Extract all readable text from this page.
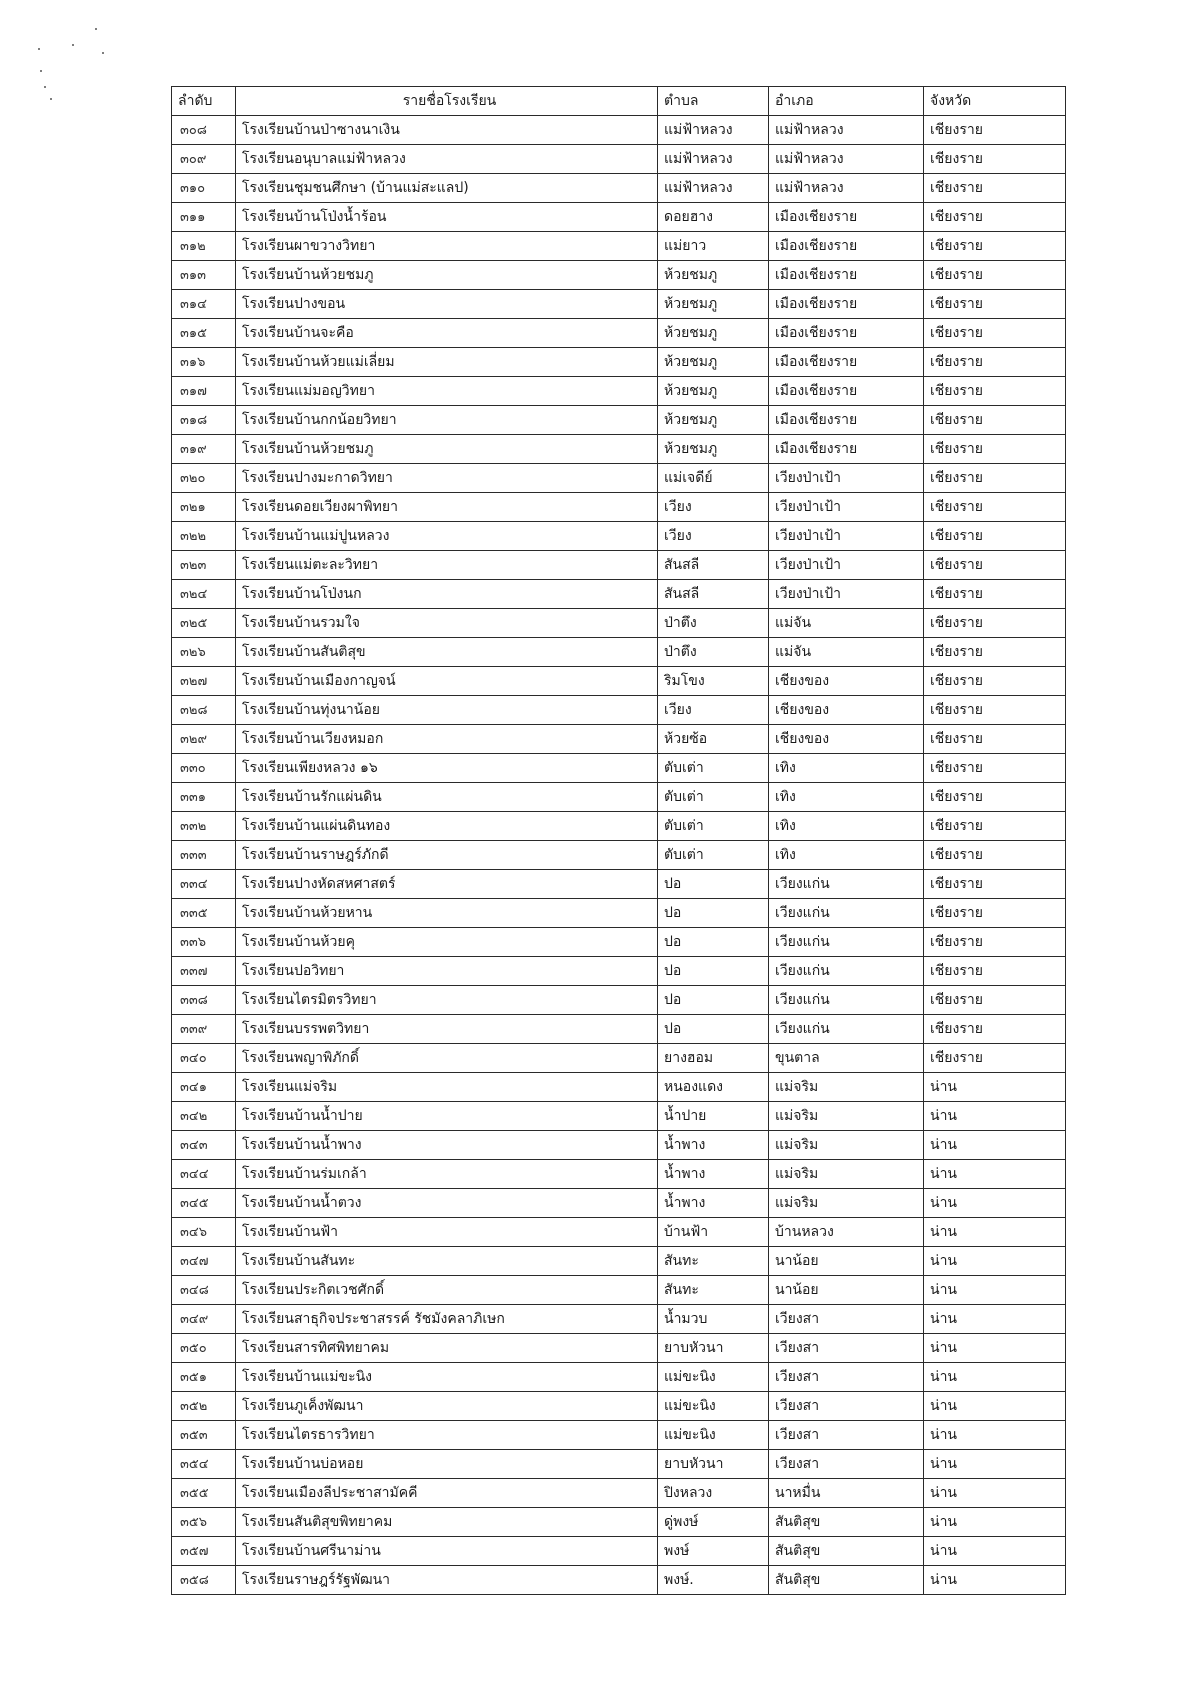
ลำดับ	รายชื่อโรงเรียน	ตำบล	อำเภอ	จังหวัด
๓๐๘	โรงเรียนบ้านป่าซางนาเงิน	แม่ฟ้าหลวง	แม่ฟ้าหลวง	เชียงราย
๓๐๙	โรงเรียนอนุบาลแม่ฟ้าหลวง	แม่ฟ้าหลวง	แม่ฟ้าหลวง	เชียงราย
๓๑๐	โรงเรียนชุมชนศึกษา (บ้านแม่สะแลป)	แม่ฟ้าหลวง	แม่ฟ้าหลวง	เชียงราย
๓๑๑	โรงเรียนบ้านโป่งน้ำร้อน	ดอยฮาง	เมืองเชียงราย	เชียงราย
๓๑๒	โรงเรียนผาขวางวิทยา	แม่ยาว	เมืองเชียงราย	เชียงราย
๓๑๓	โรงเรียนบ้านห้วยชมภู	ห้วยชมภู	เมืองเชียงราย	เชียงราย
๓๑๔	โรงเรียนปางขอน	ห้วยชมภู	เมืองเชียงราย	เชียงราย
๓๑๕	โรงเรียนบ้านจะคือ	ห้วยชมภู	เมืองเชียงราย	เชียงราย
๓๑๖	โรงเรียนบ้านห้วยแม่เลี่ยม	ห้วยชมภู	เมืองเชียงราย	เชียงราย
๓๑๗	โรงเรียนแม่มอญวิทยา	ห้วยชมภู	เมืองเชียงราย	เชียงราย
๓๑๘	โรงเรียนบ้านกกน้อยวิทยา	ห้วยชมภู	เมืองเชียงราย	เชียงราย
๓๑๙	โรงเรียนบ้านห้วยชมภู	ห้วยชมภู	เมืองเชียงราย	เชียงราย
๓๒๐	โรงเรียนปางมะกาดวิทยา	แม่เจดีย์	เวียงป่าเป้า	เชียงราย
๓๒๑	โรงเรียนดอยเวียงผาพิทยา	เวียง	เวียงป่าเป้า	เชียงราย
๓๒๒	โรงเรียนบ้านแม่ปูนหลวง	เวียง	เวียงป่าเป้า	เชียงราย
๓๒๓	โรงเรียนแม่ตะละวิทยา	สันสลี	เวียงป่าเป้า	เชียงราย
๓๒๔	โรงเรียนบ้านโป่งนก	สันสลี	เวียงป่าเป้า	เชียงราย
๓๒๕	โรงเรียนบ้านรวมใจ	ป่าตึง	แม่จัน	เชียงราย
๓๒๖	โรงเรียนบ้านสันติสุข	ป่าตึง	แม่จัน	เชียงราย
๓๒๗	โรงเรียนบ้านเมืองกาญจน์	ริมโขง	เชียงของ	เชียงราย
๓๒๘	โรงเรียนบ้านทุ่งนาน้อย	เวียง	เชียงของ	เชียงราย
๓๒๙	โรงเรียนบ้านเวียงหมอก	ห้วยซ้อ	เชียงของ	เชียงราย
๓๓๐	โรงเรียนเพียงหลวง ๑๖	ตับเต่า	เทิง	เชียงราย
๓๓๑	โรงเรียนบ้านรักแผ่นดิน	ตับเต่า	เทิง	เชียงราย
๓๓๒	โรงเรียนบ้านแผ่นดินทอง	ตับเต่า	เทิง	เชียงราย
๓๓๓	โรงเรียนบ้านราษฎร์ภักดี	ตับเต่า	เทิง	เชียงราย
๓๓๔	โรงเรียนปางหัดสหศาสตร์	ปอ	เวียงแก่น	เชียงราย
๓๓๕	โรงเรียนบ้านห้วยหาน	ปอ	เวียงแก่น	เชียงราย
๓๓๖	โรงเรียนบ้านห้วยคุ	ปอ	เวียงแก่น	เชียงราย
๓๓๗	โรงเรียนปอวิทยา	ปอ	เวียงแก่น	เชียงราย
๓๓๘	โรงเรียนไตรมิตรวิทยา	ปอ	เวียงแก่น	เชียงราย
๓๓๙	โรงเรียนบรรพตวิทยา	ปอ	เวียงแก่น	เชียงราย
๓๔๐	โรงเรียนพญาพิภักดิ์	ยางฮอม	ขุนตาล	เชียงราย
๓๔๑	โรงเรียนแม่จริม	หนองแดง	แม่จริม	น่าน
๓๔๒	โรงเรียนบ้านน้ำปาย	น้ำปาย	แม่จริม	น่าน
๓๔๓	โรงเรียนบ้านน้ำพาง	น้ำพาง	แม่จริม	น่าน
๓๔๔	โรงเรียนบ้านร่มเกล้า	น้ำพาง	แม่จริม	น่าน
๓๔๕	โรงเรียนบ้านน้ำตวง	น้ำพาง	แม่จริม	น่าน
๓๔๖	โรงเรียนบ้านฟ้า	บ้านฟ้า	บ้านหลวง	น่าน
๓๔๗	โรงเรียนบ้านสันทะ	สันทะ	นาน้อย	น่าน
๓๔๘	โรงเรียนประกิตเวชศักดิ์	สันทะ	นาน้อย	น่าน
๓๔๙	โรงเรียนสาธุกิจประชาสรรค์ รัชมังคลาภิเษก	น้ำมวบ	เวียงสา	น่าน
๓๕๐	โรงเรียนสารทิศพิทยาคม	ยาบหัวนา	เวียงสา	น่าน
๓๕๑	โรงเรียนบ้านแม่ขะนิง	แม่ขะนิง	เวียงสา	น่าน
๓๕๒	โรงเรียนภูเค็งพัฒนา	แม่ขะนิง	เวียงสา	น่าน
๓๕๓	โรงเรียนไตรธารวิทยา	แม่ขะนิง	เวียงสา	น่าน
๓๕๔	โรงเรียนบ้านบ่อหอย	ยาบหัวนา	เวียงสา	น่าน
๓๕๕	โรงเรียนเมืองลีประชาสามัคคี	ปิงหลวง	นาหมื่น	น่าน
๓๕๖	โรงเรียนสันติสุขพิทยาคม	ดู่พงษ์	สันติสุข	น่าน
๓๕๗	โรงเรียนบ้านศรีนาม่าน	พงษ์	สันติสุข	น่าน
๓๕๘	โรงเรียนราษฎร์รัฐพัฒนา	พงษ์.	สันติสุข	น่าน
